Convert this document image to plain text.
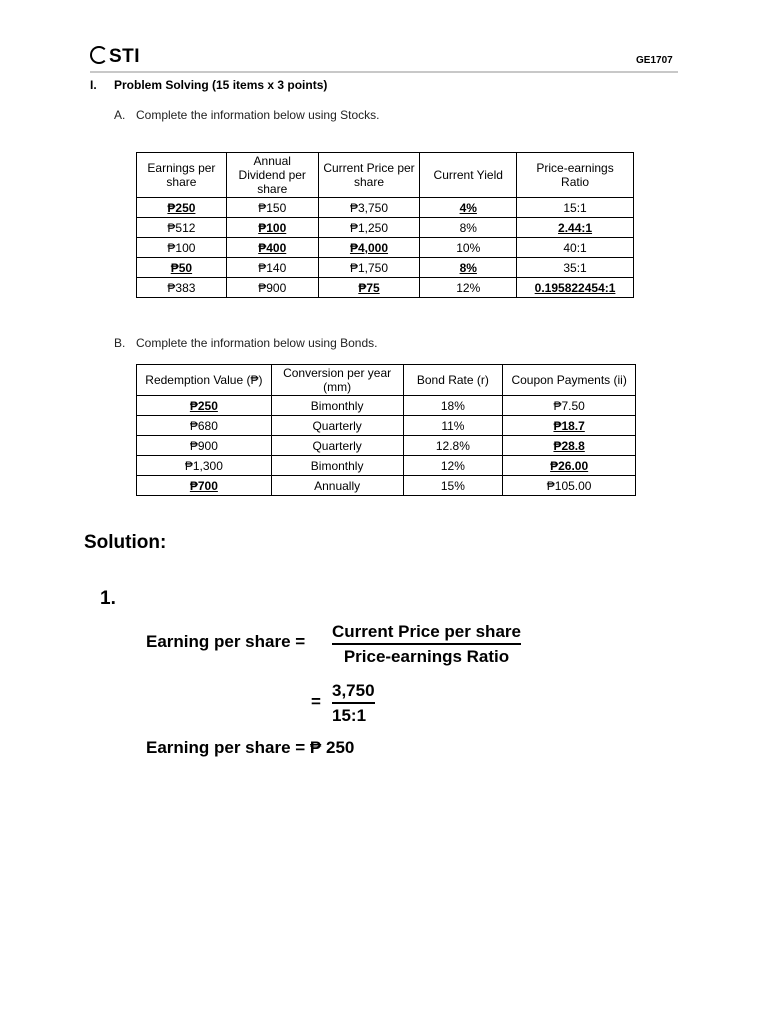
STI	GE1707
I. Problem Solving (15 items x 3 points)
A. Complete the information below using Stocks.
Earnings per share	Annual Dividend per share	Current Price per share	Current Yield	Price-earnings Ratio
₱250	₱150	₱3,750	4%	15:1
₱512	₱100	₱1,250	8%	2.44:1
₱100	₱400	₱4,000	10%	40:1
₱50	₱140	₱1,750	8%	35:1
₱383	₱900	₱75	12%	0.195822454:1
B. Complete the information below using Bonds.
Redemption Value (₱)	Conversion per year (mm)	Bond Rate (r)	Coupon Payments (ii)
₱250	Bimonthly	18%	₱7.50
₱680	Quarterly	11%	₱18.7
₱900	Quarterly	12.8%	₱28.8
₱1,300	Bimonthly	12%	₱26.00
₱700	Annually	15%	₱105.00
Solution:
1.
Earning per share =
Current Price per share
Price-earnings Ratio
= $\frac{3,750}{15:1}$
Earning per share = ₱ 250
